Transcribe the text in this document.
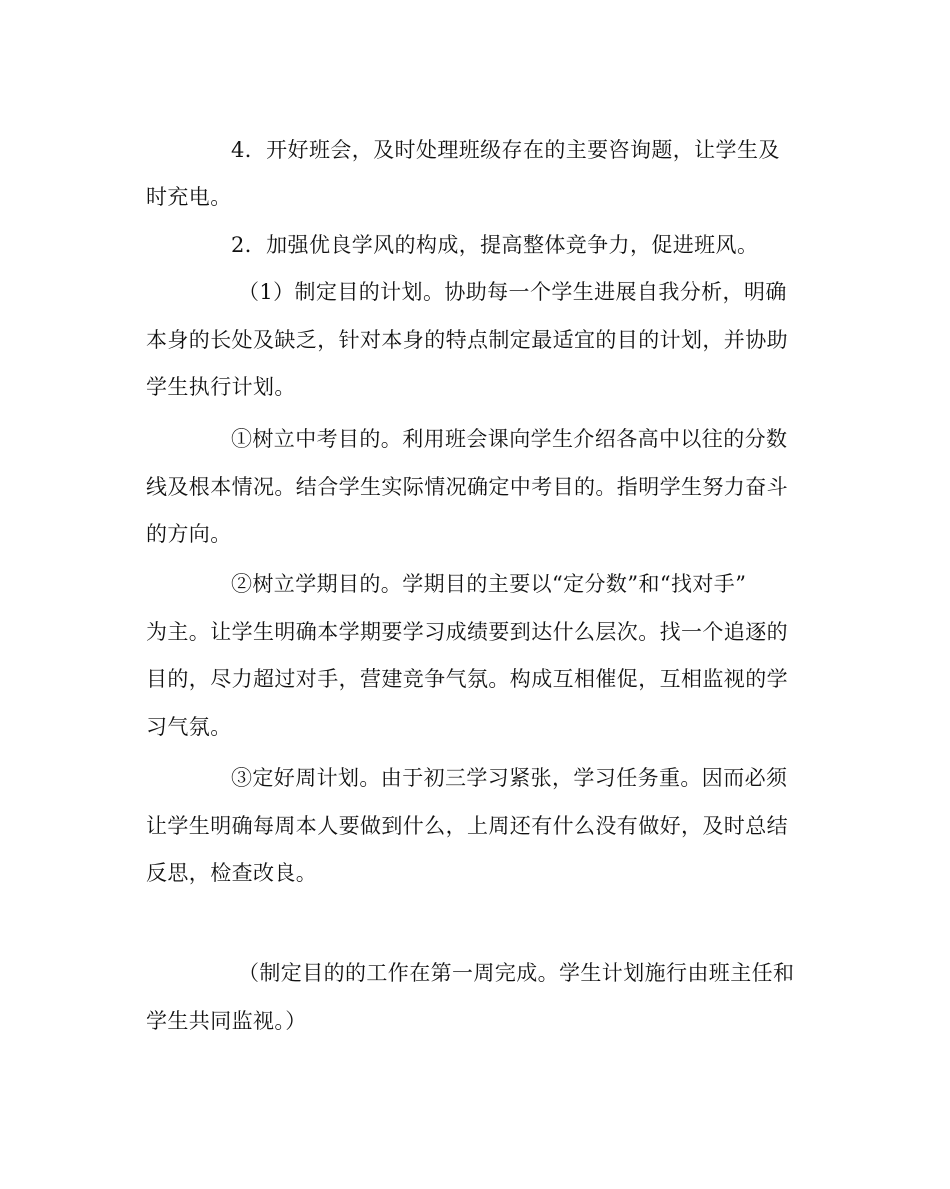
4．开好班会，及时处理班级存在的主要咨询题，让学生及
时充电。
2．加强优良学风的构成，提高整体竞争力，促进班风。
（1）制定目的计划。协助每一个学生进展自我分析，明确
本身的长处及缺乏，针对本身的特点制定最适宜的目的计划，并协助
学生执行计划。
①树立中考目的。利用班会课向学生介绍各高中以往的分数
线及根本情况。结合学生实际情况确定中考目的。指明学生努力奋斗
的方向。
②树立学期目的。学期目的主要以“定分数”和“找对手”
为主。让学生明确本学期要学习成绩要到达什么层次。找一个追逐的
目的，尽力超过对手，营建竞争气氛。构成互相催促，互相监视的学
习气氛。
③定好周计划。由于初三学习紧张，学习任务重。因而必须
让学生明确每周本人要做到什么，上周还有什么没有做好，及时总结
反思，检查改良。
（制定目的的工作在第一周完成。学生计划施行由班主任和
学生共同监视。）
